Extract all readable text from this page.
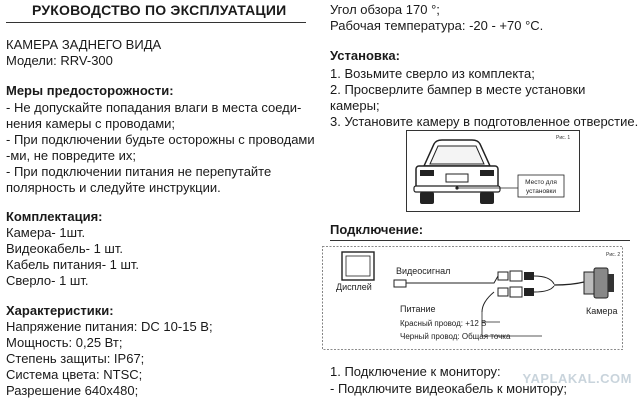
РУКОВОДСТВО ПО ЭКСПЛУАТАЦИИ
КАМЕРА ЗАДНЕГО ВИДА
Модели: RRV-300
Меры предосторожности:
- Не допускайте попадания влаги в места соеди-
нения камеры с проводами;
- При подключении будьте осторожны с проводами
-ми, не повредите их;
- При подключении питания не перепутайте
полярность и следуйте инструкции.
Комплектация:
Камера- 1шт.
Видеокабель- 1 шт.
Кабель питания- 1 шт.
Сверло- 1 шт.
Характеристики:
Напряжение питания: DC 10-15 В;
Мощность: 0,25 Вт;
Степень защиты: IP67;
Система цвета: NTSC;
Разрешение 640x480;
Угол обзора 170 °;
Рабочая температура: -20 - +70 °С.
Установка:
1. Возьмите сверло из комплекта;
2. Просверлите бампер в месте установки
камеры;
3. Установите камеру в подготовленное отверстие.
Рис. 1
Место для
установки
Подключение:
Рис. 2
Дисплей
Видеосигнал
Камера
Питание
Красный провод: +12 В
Черный провод: Общая точка
1. Подключение к монитору:
- Подключите видеокабель к монитору;
YAPLAKAL.COM
